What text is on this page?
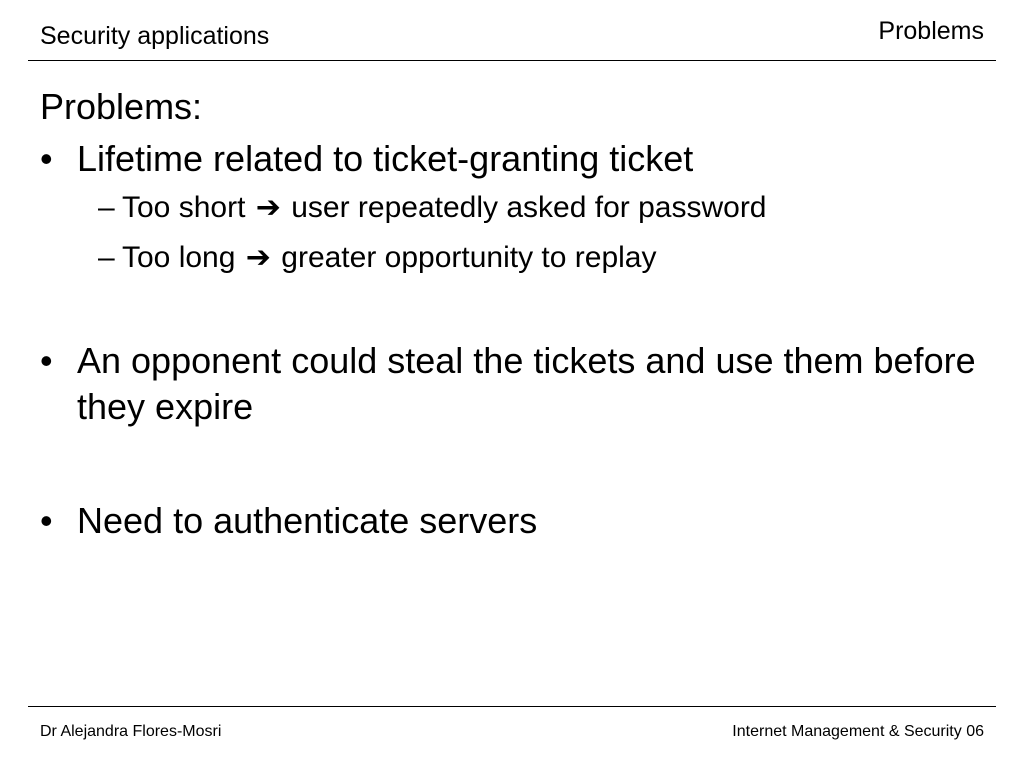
Security applications	Problems
Problems:
• Lifetime related to ticket-granting ticket
– Too short ➔ user repeatedly asked for password
– Too long ➔ greater opportunity to replay
• An opponent could steal the tickets and use them before they expire
• Need to authenticate servers
Dr Alejandra Flores-Mosri	Internet Management & Security 06
